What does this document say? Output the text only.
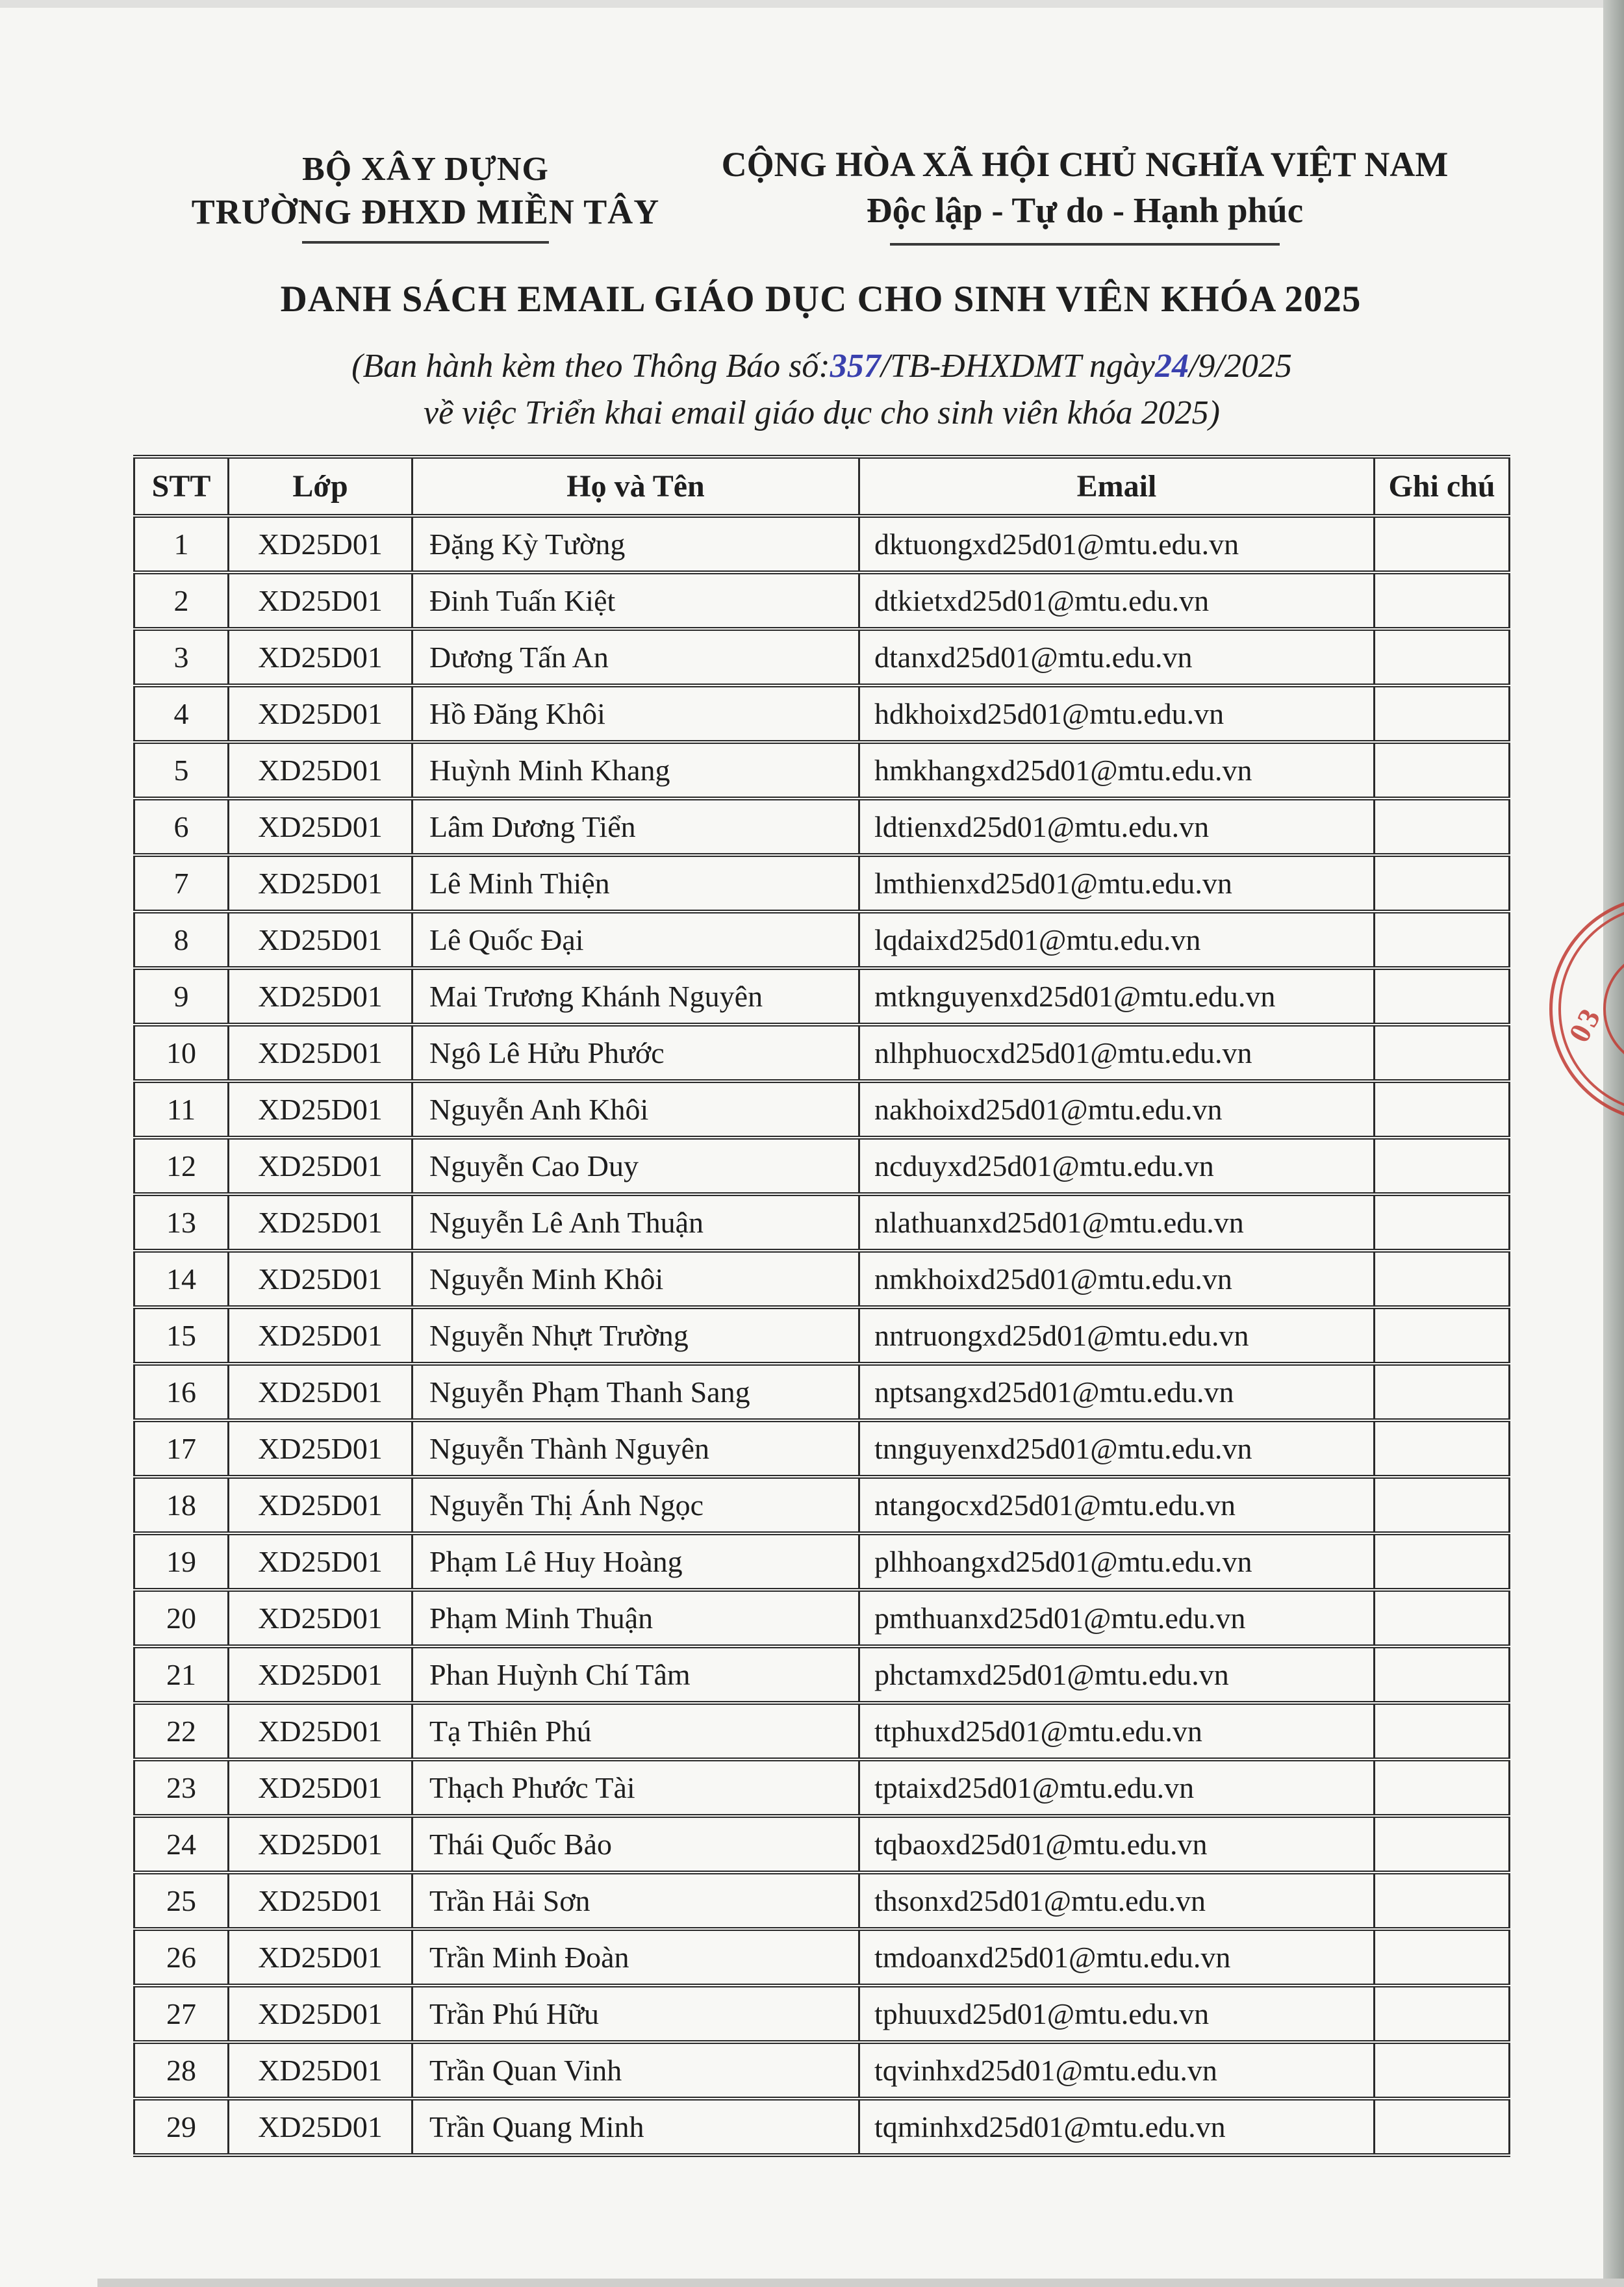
BỘ XÂY DỰNG
TRƯỜNG ĐHXD MIỀN TÂY
CỘNG HÒA XÃ HỘI CHỦ NGHĨA VIỆT NAM
Độc lập - Tự do - Hạnh phúc
DANH SÁCH EMAIL GIÁO DỤC CHO SINH VIÊN KHÓA 2025
(Ban hành kèm theo Thông Báo số:357/TB-ĐHXDMT ngày24/9/2025
về việc Triển khai email giáo dục cho sinh viên khóa 2025)
STT	Lớp	Họ và Tên	Email	Ghi chú
1	XD25D01	Đặng Kỳ Tường	dktuongxd25d01@mtu.edu.vn	
2	XD25D01	Đinh Tuấn Kiệt	dtkietxd25d01@mtu.edu.vn	
3	XD25D01	Dương Tấn An	dtanxd25d01@mtu.edu.vn	
4	XD25D01	Hồ Đăng Khôi	hdkhoixd25d01@mtu.edu.vn	
5	XD25D01	Huỳnh Minh Khang	hmkhangxd25d01@mtu.edu.vn	
6	XD25D01	Lâm Dương Tiển	ldtienxd25d01@mtu.edu.vn	
7	XD25D01	Lê Minh Thiện	lmthienxd25d01@mtu.edu.vn	
8	XD25D01	Lê Quốc Đại	lqdaixd25d01@mtu.edu.vn	
9	XD25D01	Mai Trương Khánh Nguyên	mtknguyenxd25d01@mtu.edu.vn	
10	XD25D01	Ngô Lê Hửu Phước	nlhphuocxd25d01@mtu.edu.vn	
11	XD25D01	Nguyễn Anh Khôi	nakhoixd25d01@mtu.edu.vn	
12	XD25D01	Nguyễn Cao Duy	ncduyxd25d01@mtu.edu.vn	
13	XD25D01	Nguyễn Lê Anh Thuận	nlathuanxd25d01@mtu.edu.vn	
14	XD25D01	Nguyễn Minh Khôi	nmkhoixd25d01@mtu.edu.vn	
15	XD25D01	Nguyễn Nhựt Trường	nntruongxd25d01@mtu.edu.vn	
16	XD25D01	Nguyễn Phạm Thanh Sang	nptsangxd25d01@mtu.edu.vn	
17	XD25D01	Nguyễn Thành Nguyên	tnnguyenxd25d01@mtu.edu.vn	
18	XD25D01	Nguyễn Thị Ánh Ngọc	ntangocxd25d01@mtu.edu.vn	
19	XD25D01	Phạm Lê Huy Hoàng	plhhoangxd25d01@mtu.edu.vn	
20	XD25D01	Phạm Minh Thuận	pmthuanxd25d01@mtu.edu.vn	
21	XD25D01	Phan Huỳnh Chí Tâm	phctamxd25d01@mtu.edu.vn	
22	XD25D01	Tạ Thiên Phú	ttphuxd25d01@mtu.edu.vn	
23	XD25D01	Thạch Phước Tài	tptaixd25d01@mtu.edu.vn	
24	XD25D01	Thái Quốc Bảo	tqbaoxd25d01@mtu.edu.vn	
25	XD25D01	Trần Hải Sơn	thsonxd25d01@mtu.edu.vn	
26	XD25D01	Trần Minh Đoàn	tmdoanxd25d01@mtu.edu.vn	
27	XD25D01	Trần Phú Hữu	tphuuxd25d01@mtu.edu.vn	
28	XD25D01	Trần Quan Vinh	tqvinhxd25d01@mtu.edu.vn	
29	XD25D01	Trần Quang Minh	tqminhxd25d01@mtu.edu.vn	
03
